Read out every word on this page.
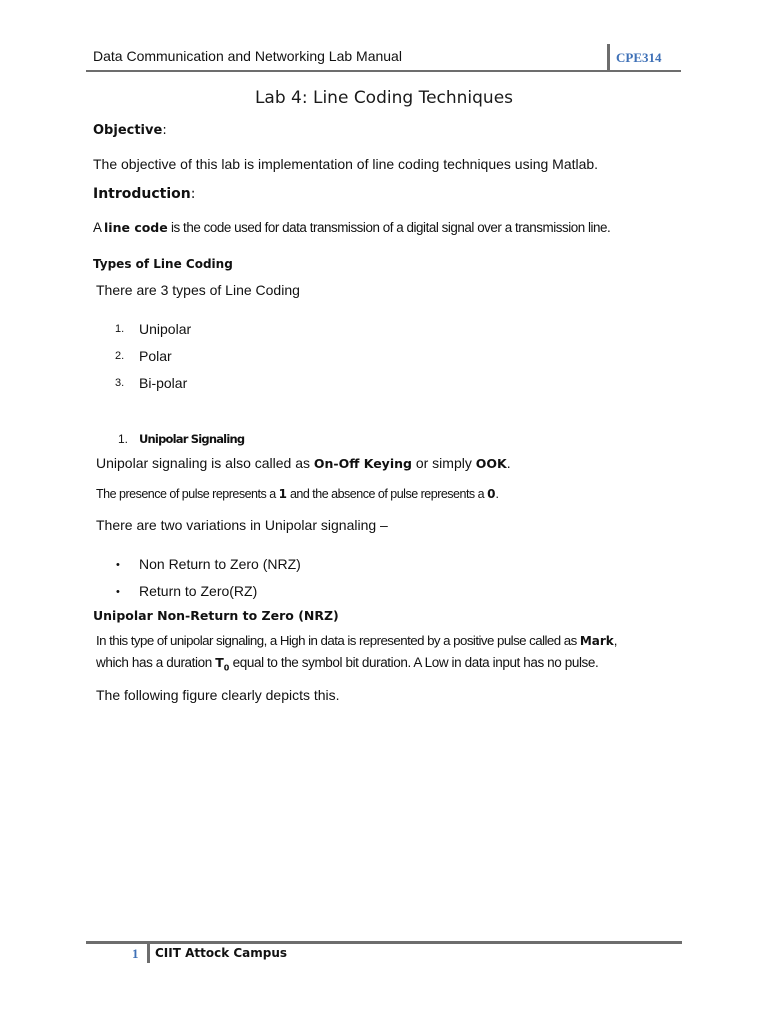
Data Communication and Networking Lab Manual	CPE314
Lab 4: Line Coding Techniques
Objective:
The objective of this lab is implementation of line coding techniques using Matlab.
Introduction:
A line code is the code used for data transmission of a digital signal over a transmission line.
Types of Line Coding
There are 3 types of Line Coding
1. Unipolar
2. Polar
3. Bi-polar
1. Unipolar Signaling
Unipolar signaling is also called as On-Off Keying or simply OOK.
The presence of pulse represents a 1 and the absence of pulse represents a 0.
There are two variations in Unipolar signaling –
• Non Return to Zero (NRZ)
• Return to Zero(RZ)
Unipolar Non-Return to Zero (NRZ)
In this type of unipolar signaling, a High in data is represented by a positive pulse called as Mark,
which has a duration $T_0$ equal to the symbol bit duration. A Low in data input has no pulse.
The following figure clearly depicts this.
1 CIIT Attock Campus
